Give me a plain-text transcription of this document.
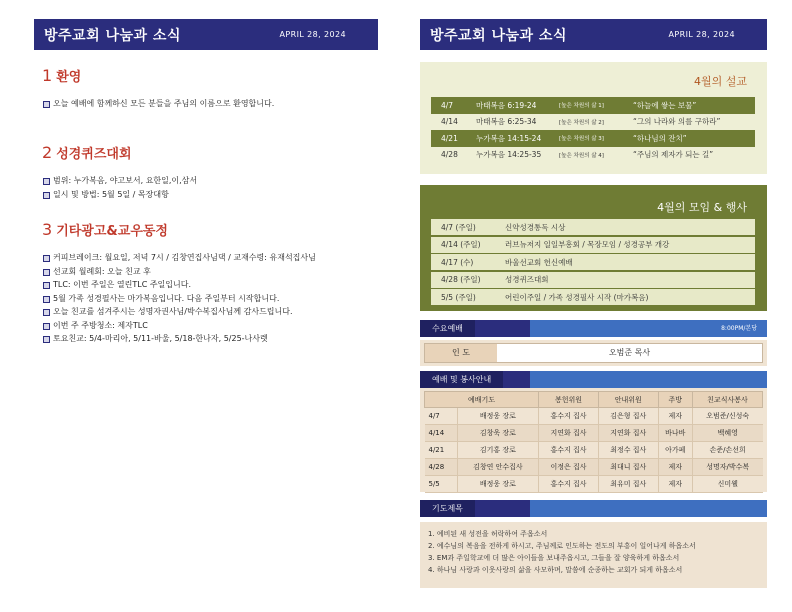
방주교회 나눔과 소식	APRIL 28, 2024
1 환영
오늘 예배에 함께하신 모든 분들을 주님의 이름으로 환영합니다.
2 성경퀴즈대회
범위: 누가복음, 야고보서, 요한일,이,삼서
일시 및 방법: 5월 5일 / 목장대항
3 기타광고&교우동정
커피브레이크: 월요일, 저녁 7시 / 김창연집사님댁 / 교재수령: 유재석집사님
선교회 월례회: 오늘 친교 후
TLC: 이번 주일은 열린TLC 주일입니다.
5월 가족 성경필사는 마가복음입니다. 다음 주일부터 시작합니다.
오늘 친교를 섬겨주시는 성명자권사님/박수복집사님께 감사드립니다.
이번 주 주방청소: 제자TLC
토요친교: 5/4-마리아, 5/11-바울, 5/18-한나자, 5/25-나사렛
방주교회 나눔과 소식	APRIL 28, 2024
4월의 설교
4/7	마태복음 6:19-24	[높은 차원의 삶 1]	“하늘에 쌓는 보물”
4/14	마태복음 6:25-34	[높은 차원의 삶 2]	“그의 나라와 의를 구하라”
4/21	누가복음 14:15-24	[높은 차원의 삶 3]	“하나님의 잔치”
4/28	누가복음 14:25-35	[높은 차원의 삶 4]	“주님의 제자가 되는 길”
4월의 모임 & 행사
4/7 (주일)	신약성경통독 시상
4/14 (주일)	러브뉴저지 일일부흥회 / 목장모임 / 성경공부 개강
4/17 (수)	바울선교회 헌신예배
4/28 (주일)	성경퀴즈대회
5/5 (주일)	어린이주일 / 가족 성경필사 시작 (마가복음)
수요예배	8:00PM/본당
인 도	오범준 목사
예배 및 봉사안내
예배기도		봉헌위원	안내위원	주방	친교식사봉사
4/7	배정웅 장로	홍수지 집사	김은형 집사	제자	오범준/신성숙
4/14	김창욱 장로	지연화 집사	지연화 집사	바나바	백혜영
4/21	김기홍 장로	홍수지 집사	최정수 집사	아가페	손준/손선희
4/28	김창연 안수집사	이정은 집사	최대니 집사	제자	성명자/박수복
5/5	배정웅 장로	홍수지 집사	최유미 집사	제자	신미웰
기도제목
1. 예비된 새 성전을 허락하여 주옵소서
2. 예수님의 복음을 전하게 하시고, 주님께로 인도하는 전도의 부흥이 일어나게 하옵소서
3. EM과 주일학교에 더 많은 아이들을 보내주옵시고, 그들을 잘 양육하게 하옵소서
4. 하나님 사랑과 이웃사랑의 삶을 사모하며, 말씀에 순종하는 교회가 되게 하옵소서
